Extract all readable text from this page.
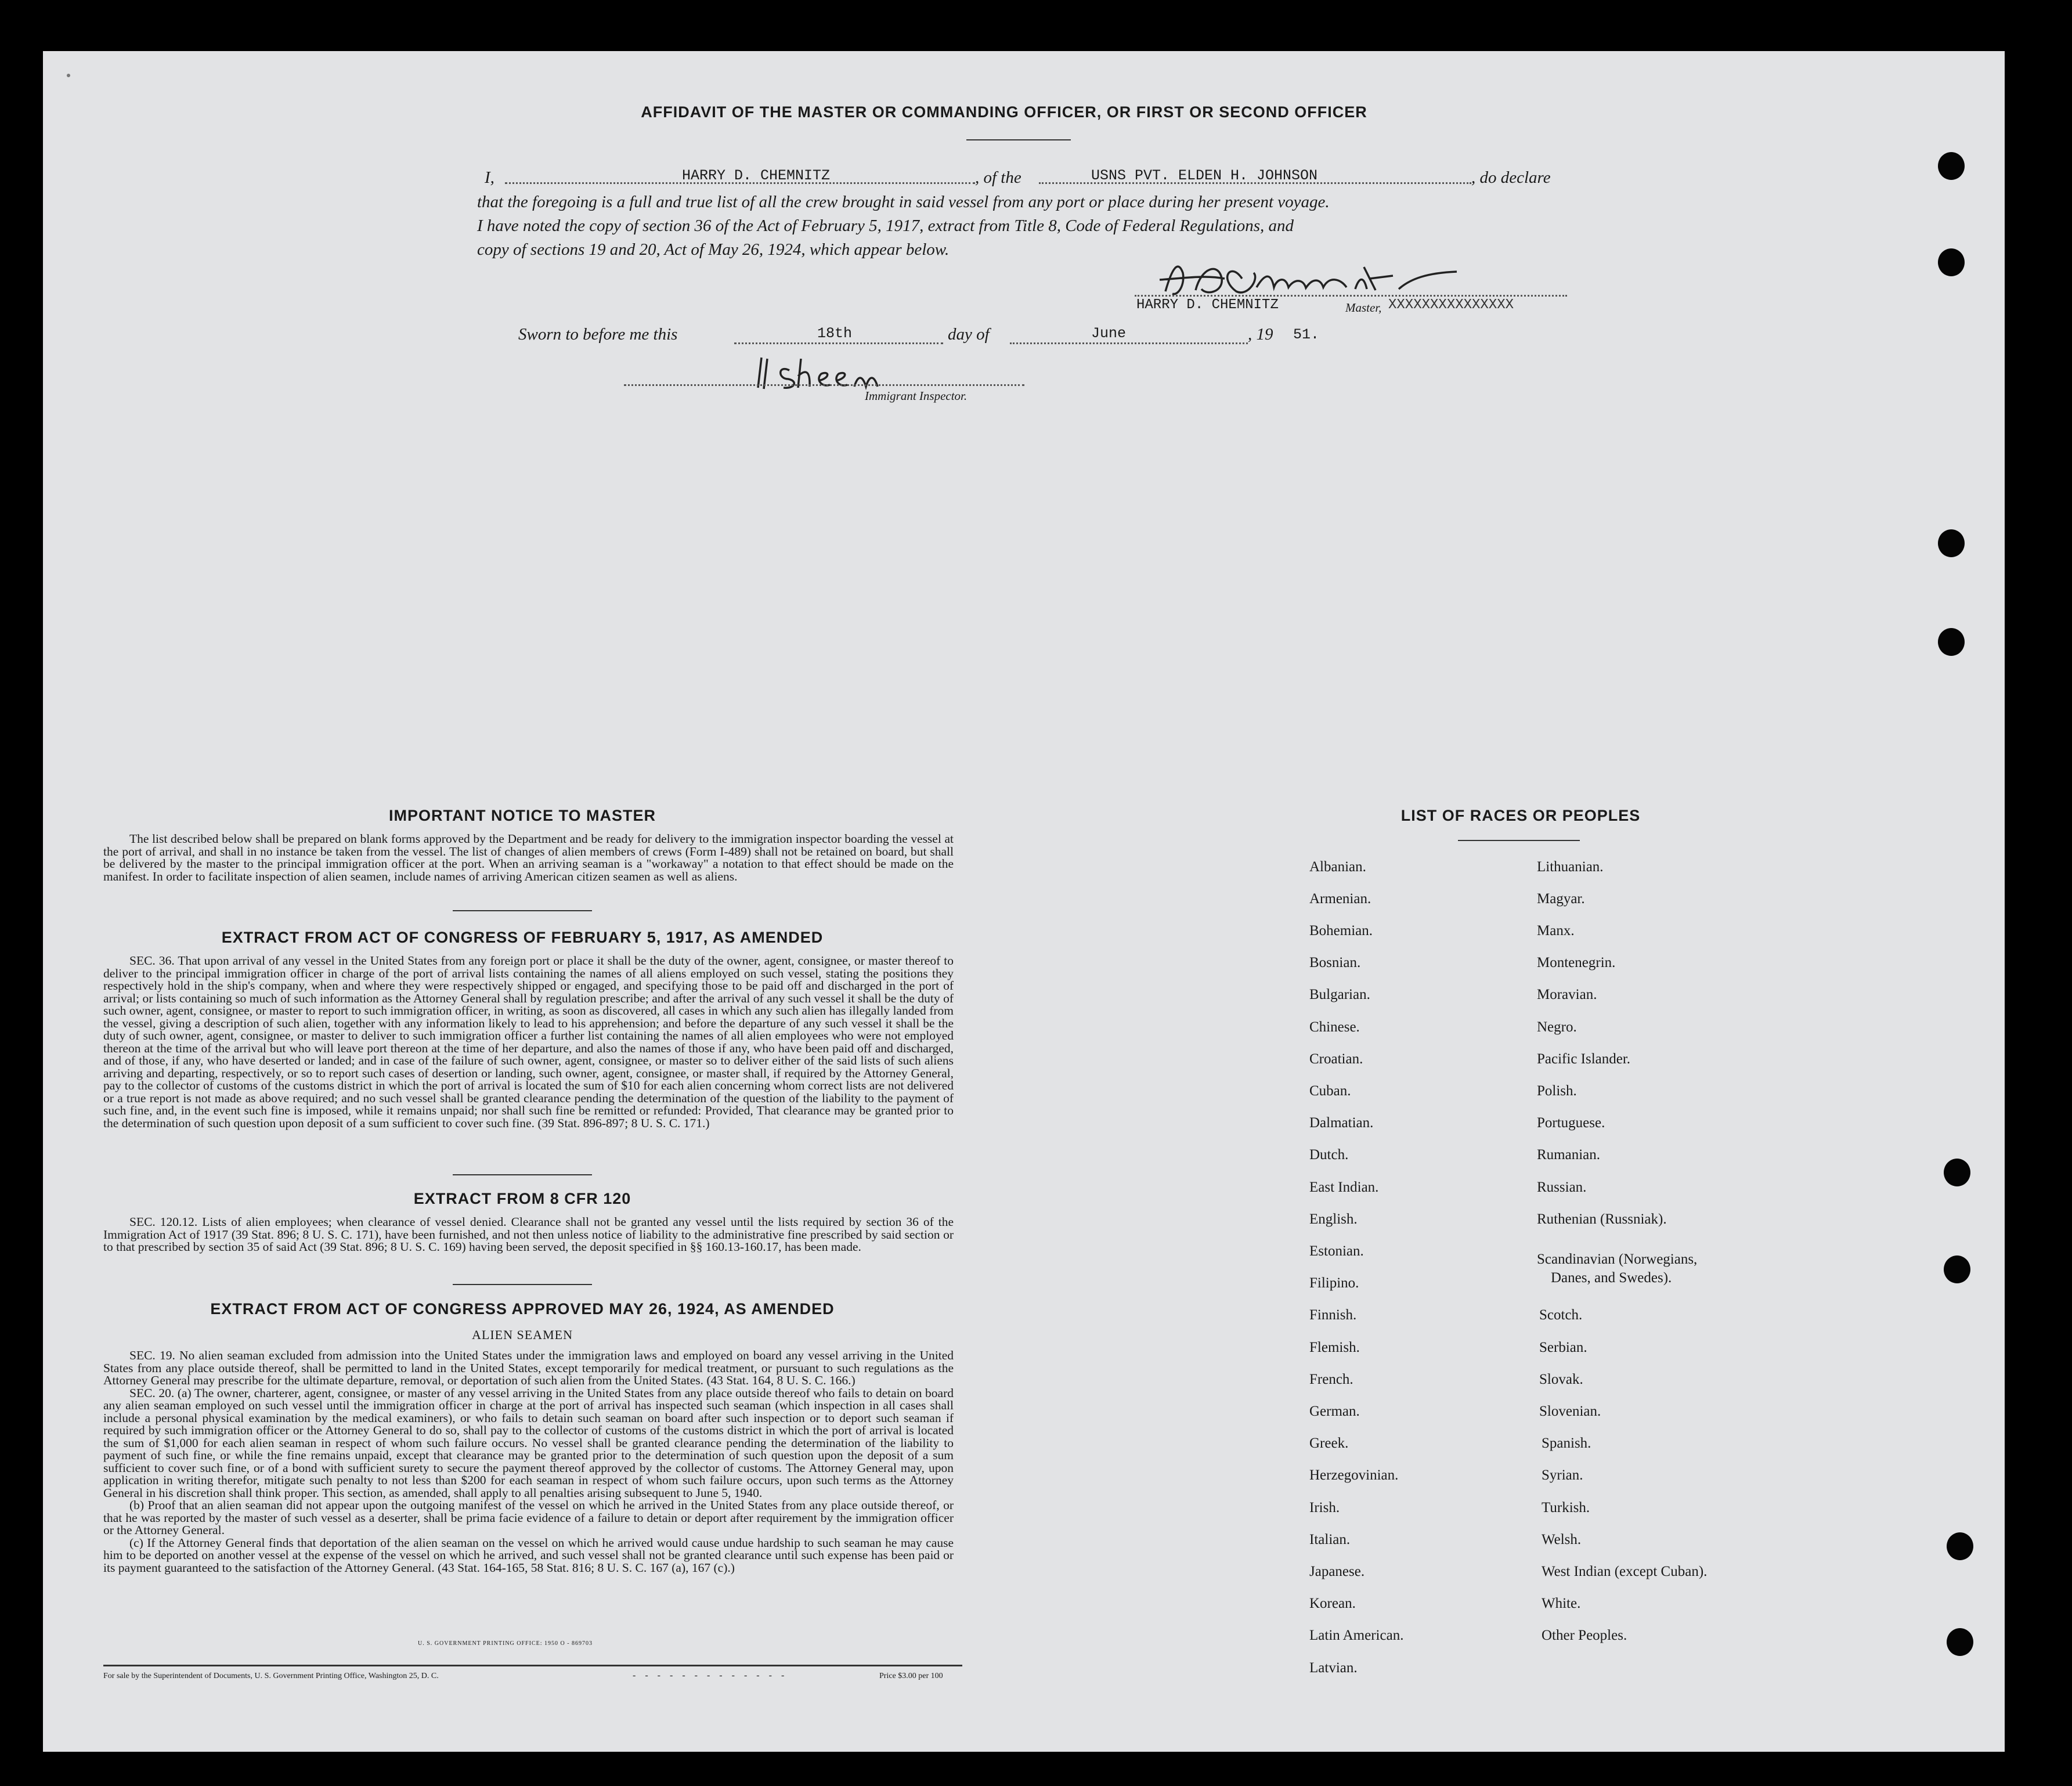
AFFIDAVIT OF THE MASTER OR COMMANDING OFFICER, OR FIRST OR SECOND OFFICER
I,	HARRY D. CHEMNITZ	, of the	USNS PVT. ELDEN H. JOHNSON	, do declare
that the foregoing is a full and true list of all the crew brought in said vessel from any port or place during her present voyage.
I have noted the copy of section 36 of the Act of February 5, 1917, extract from Title 8, Code of Federal Regulations, and
copy of sections 19 and 20, Act of May 26, 1924, which appear below.
HARRY D. CHEMNITZ	Master, XXXXXXXXXXXXXXX
Sworn to before me this	18th	day of	June	, 19 51.
Immigrant Inspector.
IMPORTANT NOTICE TO MASTER

The list described below shall be prepared on blank forms approved by the Department and be ready for delivery to the immigration inspector boarding the vessel at the port of arrival, and shall in no instance be taken from the vessel. The list of changes of alien members of crews (Form I-489) shall not be retained on board, but shall be delivered by the master to the principal immigration officer at the port. When an arriving seaman is a "workaway" a notation to that effect should be made on the manifest. In order to facilitate inspection of alien seamen, include names of arriving American citizen seamen as well as aliens.

EXTRACT FROM ACT OF CONGRESS OF FEBRUARY 5, 1917, AS AMENDED

SEC. 36. That upon arrival of any vessel in the United States from any foreign port or place it shall be the duty of the owner, agent, consignee, or master thereof to deliver to the principal immigration officer in charge of the port of arrival lists containing the names of all aliens employed on such vessel, stating the positions they respectively hold in the ship's company, when and where they were respectively shipped or engaged, and specifying those to be paid off and discharged in the port of arrival; or lists containing so much of such information as the Attorney General shall by regulation prescribe; and after the arrival of any such vessel it shall be the duty of such owner, agent, consignee, or master to report to such immigration officer, in writing, as soon as discovered, all cases in which any such alien has illegally landed from the vessel, giving a description of such alien, together with any information likely to lead to his apprehension; and before the departure of any such vessel it shall be the duty of such owner, agent, consignee, or master to deliver to such immigration officer a further list containing the names of all alien employees who were not employed thereon at the time of the arrival but who will leave port thereon at the time of her departure, and also the names of those if any, who have been paid off and discharged, and of those, if any, who have deserted or landed; and in case of the failure of such owner, agent, consignee, or master so to deliver either of the said lists of such aliens arriving and departing, respectively, or so to report such cases of desertion or landing, such owner, agent, consignee, or master shall, if required by the Attorney General, pay to the collector of customs of the customs district in which the port of arrival is located the sum of $10 for each alien concerning whom correct lists are not delivered or a true report is not made as above required; and no such vessel shall be granted clearance pending the determination of the question of the liability to the payment of such fine, and, in the event such fine is imposed, while it remains unpaid; nor shall such fine be remitted or refunded: Provided, That clearance may be granted prior to the determination of such question upon deposit of a sum sufficient to cover such fine. (39 Stat. 896-897; 8 U. S. C. 171.)

EXTRACT FROM 8 CFR 120

SEC. 120.12. Lists of alien employees; when clearance of vessel denied. Clearance shall not be granted any vessel until the lists required by section 36 of the Immigration Act of 1917 (39 Stat. 896; 8 U. S. C. 171), have been furnished, and not then unless notice of liability to the administrative fine prescribed by said section or to that prescribed by section 35 of said Act (39 Stat. 896; 8 U. S. C. 169) having been served, the deposit specified in §§ 160.13-160.17, has been made.

EXTRACT FROM ACT OF CONGRESS APPROVED MAY 26, 1924, AS AMENDED
ALIEN SEAMEN

SEC. 19. No alien seaman excluded from admission into the United States under the immigration laws and employed on board any vessel arriving in the United States from any place outside thereof, shall be permitted to land in the United States, except temporarily for medical treatment, or pursuant to such regulations as the Attorney General may prescribe for the ultimate departure, removal, or deportation of such alien from the United States. (43 Stat. 164, 8 U. S. C. 166.)

SEC. 20. (a) The owner, charterer, agent, consignee, or master of any vessel arriving in the United States from any place outside thereof who fails to detain on board any alien seaman employed on such vessel until the immigration officer in charge at the port of arrival has inspected such seaman (which inspection in all cases shall include a personal physical examination by the medical examiners), or who fails to detain such seaman on board after such inspection or to deport such seaman if required by such immigration officer or the Attorney General to do so, shall pay to the collector of customs of the customs district in which the port of arrival is located the sum of $1,000 for each alien seaman in respect of whom such failure occurs. No vessel shall be granted clearance pending the determination of the liability to payment of such fine, or while the fine remains unpaid, except that clearance may be granted prior to the determination of such question upon the deposit of a sum sufficient to cover such fine, or of a bond with sufficient surety to secure the payment thereof approved by the collector of customs. The Attorney General may, upon application in writing therefor, mitigate such penalty to not less than $200 for each seaman in respect of whom such failure occurs, upon such terms as the Attorney General in his discretion shall think proper. This section, as amended, shall apply to all penalties arising subsequent to June 5, 1940.

(b) Proof that an alien seaman did not appear upon the outgoing manifest of the vessel on which he arrived in the United States from any place outside thereof, or that he was reported by the master of such vessel as a deserter, shall be prima facie evidence of a failure to detain or deport after requirement by the immigration officer or the Attorney General.

(c) If the Attorney General finds that deportation of the alien seaman on the vessel on which he arrived would cause undue hardship to such seaman he may cause him to be deported on another vessel at the expense of the vessel on which he arrived, and such vessel shall not be granted clearance until such expense has been paid or its payment guaranteed to the satisfaction of the Attorney General. (43 Stat. 164-165, 58 Stat. 816; 8 U. S. C. 167 (a), 167 (c).)

U. S. GOVERNMENT PRINTING OFFICE: 1950 O - 869703
For sale by the Superintendent of Documents, U. S. Government Printing Office, Washington 25, D. C.	- - - - - - - - - - - - -	Price $3.00 per 100
LIST OF RACES OR PEOPLES
Albanian.
Armenian.
Bohemian.
Bosnian.
Bulgarian.
Chinese.
Croatian.
Cuban.
Dalmatian.
Dutch.
East Indian.
English.
Estonian.
Filipino.
Finnish.
Flemish.
French.
German.
Greek.
Herzegovinian.
Irish.
Italian.
Japanese.
Korean.
Latin American.
Latvian.
Lithuanian.
Magyar.
Manx.
Montenegrin.
Moravian.
Negro.
Pacific Islander.
Polish.
Portuguese.
Rumanian.
Russian.
Ruthenian (Russniak).
Scandinavian (Norwegians,
Danes, and Swedes).
Scotch.
Serbian.
Slovak.
Slovenian.
Spanish.
Syrian.
Turkish.
Welsh.
West Indian (except Cuban).
White.
Other Peoples.
